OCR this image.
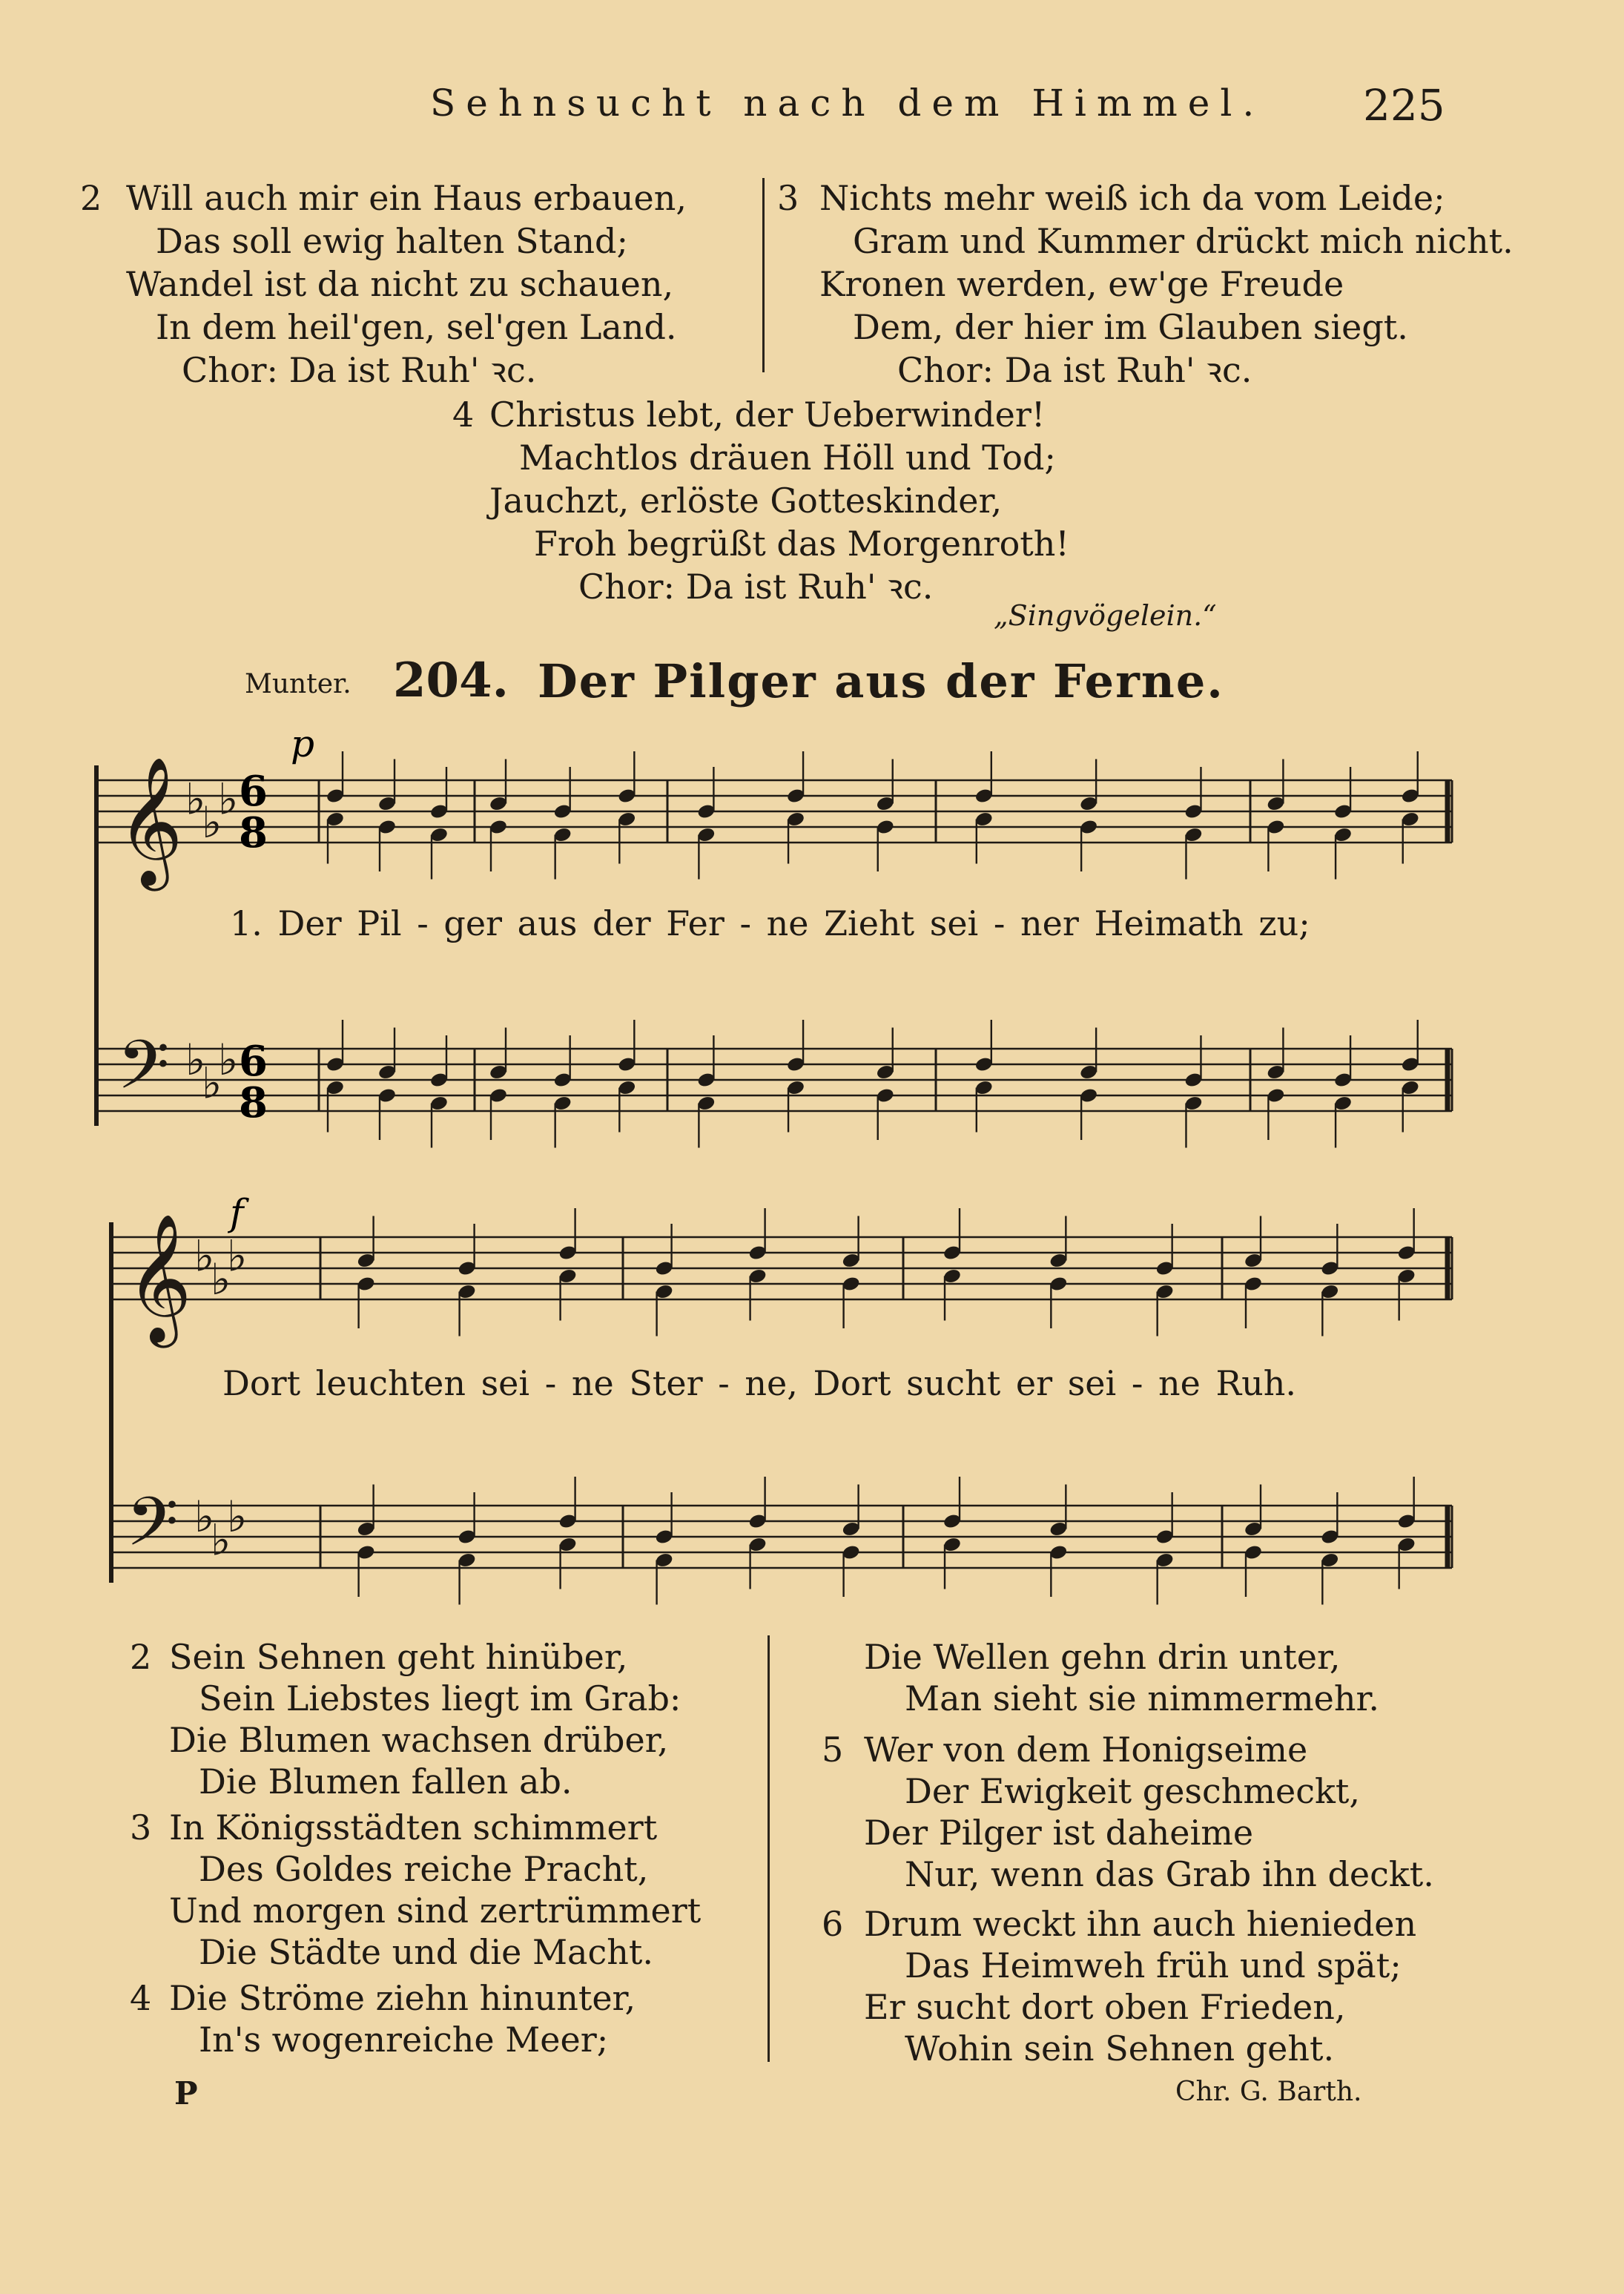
Sehnsucht nach dem Himmel. 225
2 Will auch mir ein Haus erbauen,
Das soll ewig halten Stand;
Wandel ist da nicht zu schauen,
In dem heil'gen, sel'gen Land.
Chor: Da ist Ruh' ꝛc.
3 Nichts mehr weiß ich da vom Leide;
Gram und Kummer drückt mich nicht.
Kronen werden, ew'ge Freude
Dem, der hier im Glauben siegt.
Chor: Da ist Ruh' ꝛc.
4 Christus lebt, der Ueberwinder!
Machtlos dräuen Höll und Tod;
Jauchzt, erlöste Gotteskinder,
Froh begrüßt das Morgenroth!
Chor: Da ist Ruh' ꝛc.
„Singvögelein.“
Munter. 204. Der Pilger aus der Ferne.
𝄞 ♭
♭
♭
𝄢 ♭
♭
♭
𝄞 ♭
♭
♭
𝄢 ♭
♭
♭
p
f
6
8
6
8
1. Der Pil - ger aus der Fer - ne Zieht sei - ner Heimath zu;
Dort leuchten sei - ne Ster - ne, Dort sucht er sei - ne Ruh.
2 Sein Sehnen geht hinüber,
Sein Liebstes liegt im Grab:
Die Blumen wachsen drüber,
Die Blumen fallen ab.
3 In Königsstädten schimmert
Des Goldes reiche Pracht,
Und morgen sind zertrümmert
Die Städte und die Macht.
4 Die Ströme ziehn hinunter,
In's wogenreiche Meer;
Die Wellen gehn drin unter,
Man sieht sie nimmermehr.
5 Wer von dem Honigseime
Der Ewigkeit geschmeckt,
Der Pilger ist daheime
Nur, wenn das Grab ihn deckt.
6 Drum weckt ihn auch hienieden
Das Heimweh früh und spät;
Er sucht dort oben Frieden,
Wohin sein Sehnen geht.
Chr. G. Barth.
P
